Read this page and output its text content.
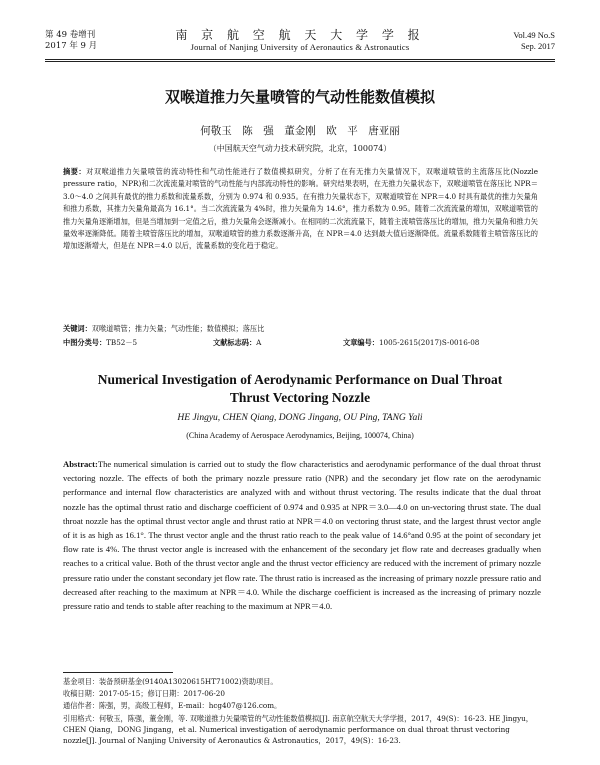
第 49 卷增刊
2017 年 9 月
南 京 航 空 航 天 大 学 学 报
Journal of Nanjing University of Aeronautics & Astronautics
Vol.49 No.S
Sep. 2017
双喉道推力矢量喷管的气动性能数值模拟
何敬玉　陈　强　董金刚　欧　平　唐亚丽
（中国航天空气动力技术研究院，北京，100074）
摘要：对双喉道推力矢量喷管的流动特性和气动性能进行了数值模拟研究，分析了在有无推力矢量情况下，双喉道喷管的主流落压比(Nozzle pressure ratio，NPR)和二次流流量对喷管的气动性能与内部流动特性的影响。研究结果表明，在无推力矢量状态下，双喉道喷管在落压比 NPR＝3.0～4.0 之间具有最优的推力系数和流量系数，分别为 0.974 和 0.935。在有推力矢量状态下，双喉道喷管在 NPR＝4.0 时具有最优的推力矢量角和推力系数，其推力矢量角最高为 16.1°。当二次流流量为 4%时，推力矢量角为 14.6°，推力系数为 0.95。随着二次流流量的增加，双喉道喷管的推力矢量角逐渐增加，但是当增加到一定值之后，推力矢量角会逐渐减小。在相同的二次流流量下，随着主流喷管落压比的增加，推力矢量角和推力矢量效率逐渐降低。随着主喷管落压比的增加，双喉道喷管的推力系数逐渐升高，在 NPR＝4.0 达到最大值后逐渐降低。流量系数随着主喷管落压比的增加逐渐增大，但是在 NPR＝4.0 以后，流量系数的变化趋于稳定。
关键词：双喉道喷管；推力矢量；气动性能；数值模拟；落压比
中图分类号：TB52－5	文献标志码：A	文章编号：1005-2615(2017)S-0016-08
Numerical Investigation of Aerodynamic Performance on Dual Throat
Thrust Vectoring Nozzle
HE Jingyu, CHEN Qiang, DONG Jingang, OU Ping, TANG Yali
(China Academy of Aerospace Aerodynamics, Beijing, 100074, China)
Abstract:The numerical simulation is carried out to study the flow characteristics and aerodynamic performance of the dual throat thrust vectoring nozzle. The effects of both the primary nozzle pressure ratio (NPR) and the secondary jet flow rate on the aerodynamic performance and internal flow characteristics are analyzed with and without thrust vectoring. The results indicate that the dual throat nozzle has the optimal thrust ratio and discharge coefficient of 0.974 and 0.935 at NPR＝3.0—4.0 on un-vectoring thrust state. The dual throat nozzle has the optimal thrust vector angle and thrust ratio at NPR＝4.0 on vectoring thrust state, and the largest thrust vector angle of it is as high as 16.1°. The thrust vector angle and the thrust ratio reach to the peak value of 14.6°and 0.95 at the point of secondary jet flow rate is 4%. The thrust vector angle is increased with the enhancement of the secondary jet flow rate and decreases gradually when reaches to a critical value. Both of the thrust vector angle and the thrust vector efficiency are reduced with the increment of primary nozzle pressure ratio under the constant secondary jet flow rate. The thrust ratio is increased as the increasing of primary nozzle pressure ratio and decreased after reaching to the maximum at NPR＝4.0. While the discharge coefficient is increased as the increasing of primary nozzle pressure ratio and tends to stable after reaching to the maximum at NPR＝4.0.
基金项目：装备预研基金(9140A13020615HT71002)资助项目。
收稿日期：2017-05-15；修订日期：2017-06-20
通信作者：陈强，男，高级工程师，E-mail：hcg407@126.com。
引用格式：何敬玉，陈强，董金刚，等. 双喉道推力矢量喷管的气动性能数值模拟[J]. 南京航空航天大学学报，2017，49(S)：16-23. HE Jingyu，CHEN Qiang，DONG Jingang，et al. Numerical investigation of aerodynamic performance on dual throat thrust vectoring nozzle[J]. Journal of Nanjing University of Aeronautics & Astronautics，2017，49(S)：16-23.
